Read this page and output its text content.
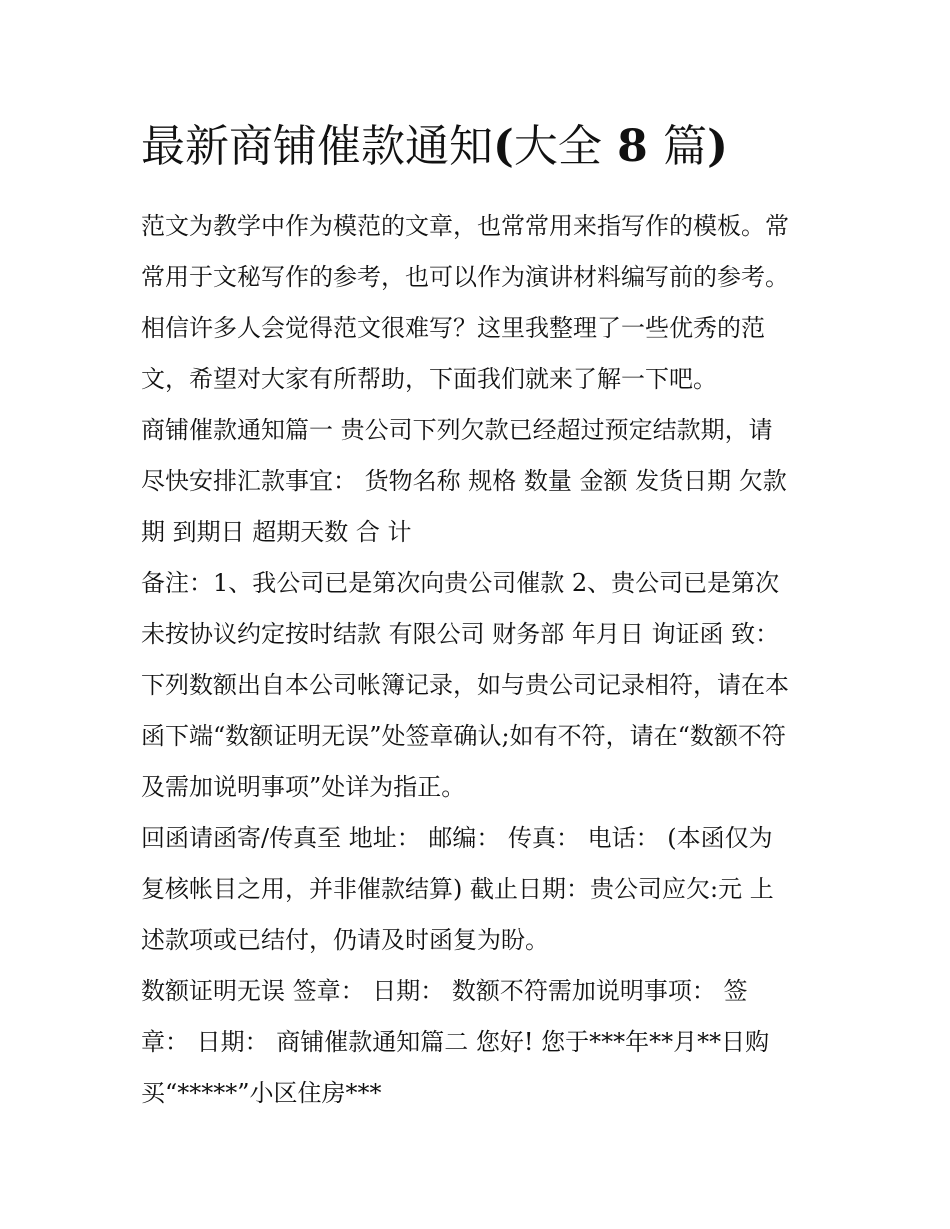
最新商铺催款通知(大全 8 篇)
范文为教学中作为模范的文章，也常常用来指写作的模板。常
常用于文秘写作的参考，也可以作为演讲材料编写前的参考。
相信许多人会觉得范文很难写？这里我整理了一些优秀的范
文，希望对大家有所帮助，下面我们就来了解一下吧。
商铺催款通知篇一 贵公司下列欠款已经超过预定结款期，请
尽快安排汇款事宜： 货物名称 规格 数量 金额 发货日期 欠款
期 到期日 超期天数 合 计
备注：1、我公司已是第次向贵公司催款 2、贵公司已是第次
未按协议约定按时结款 有限公司 财务部 年月日 询证函 致：
下列数额出自本公司帐簿记录，如与贵公司记录相符，请在本
函下端“数额证明无误”处签章确认;如有不符，请在“数额不符
及需加说明事项”处详为指正。
回函请函寄/传真至 地址： 邮编： 传真： 电话： (本函仅为
复核帐目之用，并非催款结算) 截止日期：贵公司应欠:元 上
述款项或已结付，仍请及时函复为盼。
数额证明无误 签章： 日期： 数额不符需加说明事项： 签
章： 日期： 商铺催款通知篇二 您好! 您于***年**月**日购
买“*****”小区住房***
